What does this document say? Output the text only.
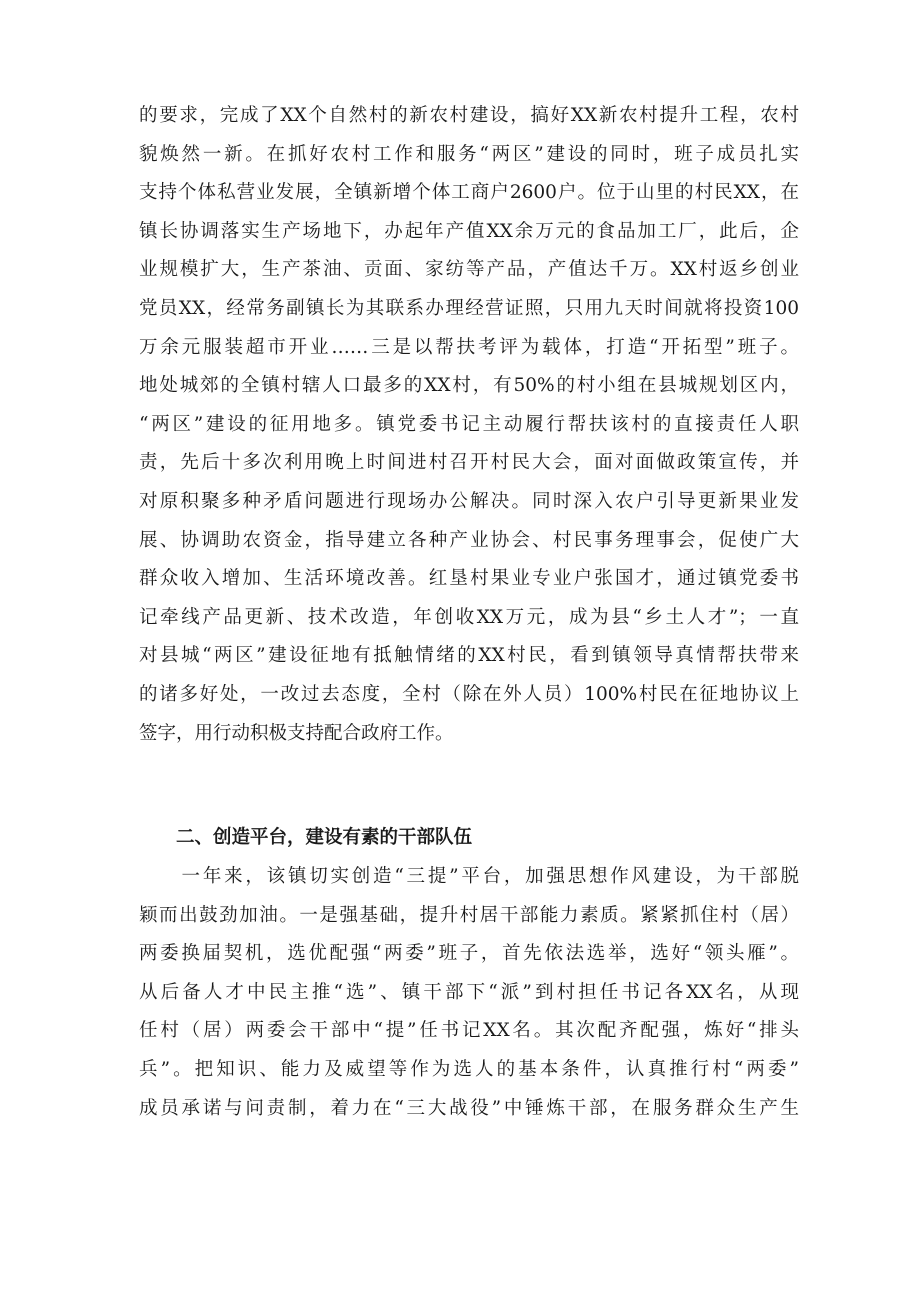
的要求，完成了XX个自然村的新农村建设，搞好XX新农村提升工程，农村
貌焕然一新。在抓好农村工作和服务“两区”建设的同时，班子成员扎实
支持个体私营业发展，全镇新增个体工商户2600户。位于山里的村民XX，在
镇长协调落实生产场地下，办起年产值XX余万元的食品加工厂，此后，企
业规模扩大，生产茶油、贡面、家纺等产品，产值达千万。XX村返乡创业
党员XX，经常务副镇长为其联系办理经营证照，只用九天时间就将投资100
万余元服装超市开业……三是以帮扶考评为载体，打造“开拓型”班子。
地处城郊的全镇村辖人口最多的XX村，有50%的村小组在县城规划区内，
“两区”建设的征用地多。镇党委书记主动履行帮扶该村的直接责任人职
责，先后十多次利用晚上时间进村召开村民大会，面对面做政策宣传，并
对原积聚多种矛盾问题进行现场办公解决。同时深入农户引导更新果业发
展、协调助农资金，指导建立各种产业协会、村民事务理事会，促使广大
群众收入增加、生活环境改善。红垦村果业专业户张国才，通过镇党委书
记牵线产品更新、技术改造，年创收XX万元，成为县“乡土人才”；一直
对县城“两区”建设征地有抵触情绪的XX村民，看到镇领导真情帮扶带来
的诸多好处，一改过去态度，全村（除在外人员）100%村民在征地协议上
签字，用行动积极支持配合政府工作。
二、创造平台，建设有素的干部队伍
　　一年来，该镇切实创造“三提”平台，加强思想作风建设，为干部脱
颖而出鼓劲加油。一是强基础，提升村居干部能力素质。紧紧抓住村（居）
两委换届契机，选优配强“两委”班子，首先依法选举，选好“领头雁”。
从后备人才中民主推“选”、镇干部下“派”到村担任书记各XX名，从现
任村（居）两委会干部中“提”任书记XX名。其次配齐配强，炼好“排头
兵”。把知识、能力及威望等作为选人的基本条件，认真推行村“两委”
成员承诺与问责制，着力在“三大战役”中锤炼干部，在服务群众生产生
